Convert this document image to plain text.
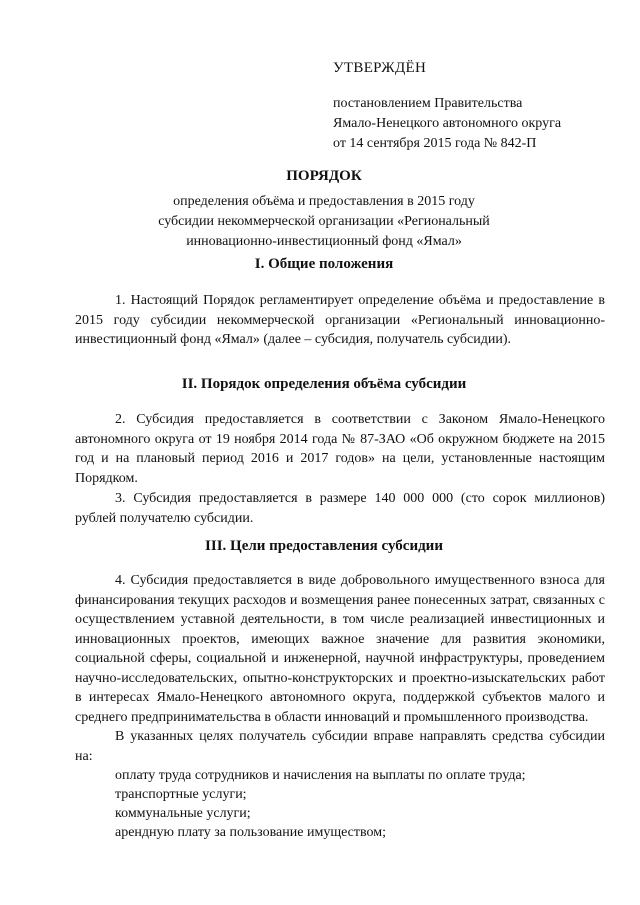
УТВЕРЖДЁН
постановлением Правительства
Ямало-Ненецкого автономного округа
от 14 сентября 2015 года № 842-П
ПОРЯДОК
определения объёма и предоставления в 2015 году
субсидии некоммерческой организации «Региональный
инновационно-инвестиционный фонд «Ямал»
I. Общие положения
1. Настоящий Порядок регламентирует определение объёма и предоставление в 2015 году субсидии некоммерческой организации «Региональный инновационно-инвестиционный фонд «Ямал» (далее – субсидия, получатель субсидии).
II. Порядок определения объёма субсидии
2. Субсидия предоставляется в соответствии с Законом Ямало-Ненецкого автономного округа от 19 ноября 2014 года № 87-ЗАО «Об окружном бюджете на 2015 год и на плановый период 2016 и 2017 годов» на цели, установленные настоящим Порядком.
3. Субсидия предоставляется в размере 140 000 000 (сто сорок миллионов) рублей получателю субсидии.
III. Цели предоставления субсидии
4. Субсидия предоставляется в виде добровольного имущественного взноса для финансирования текущих расходов и возмещения ранее понесенных затрат, связанных с осуществлением уставной деятельности, в том числе реализацией инвестиционных и инновационных проектов, имеющих важное значение для развития экономики, социальной сферы, социальной и инженерной, научной инфраструктуры, проведением научно-исследовательских, опытно-конструкторских и проектно-изыскательских работ в интересах Ямало-Ненецкого автономного округа, поддержкой субъектов малого и среднего предпринимательства в области инноваций и промышленного производства.
В указанных целях получатель субсидии вправе направлять средства субсидии на:
оплату труда сотрудников и начисления на выплаты по оплате труда;
транспортные услуги;
коммунальные услуги;
арендную плату за пользование имуществом;
